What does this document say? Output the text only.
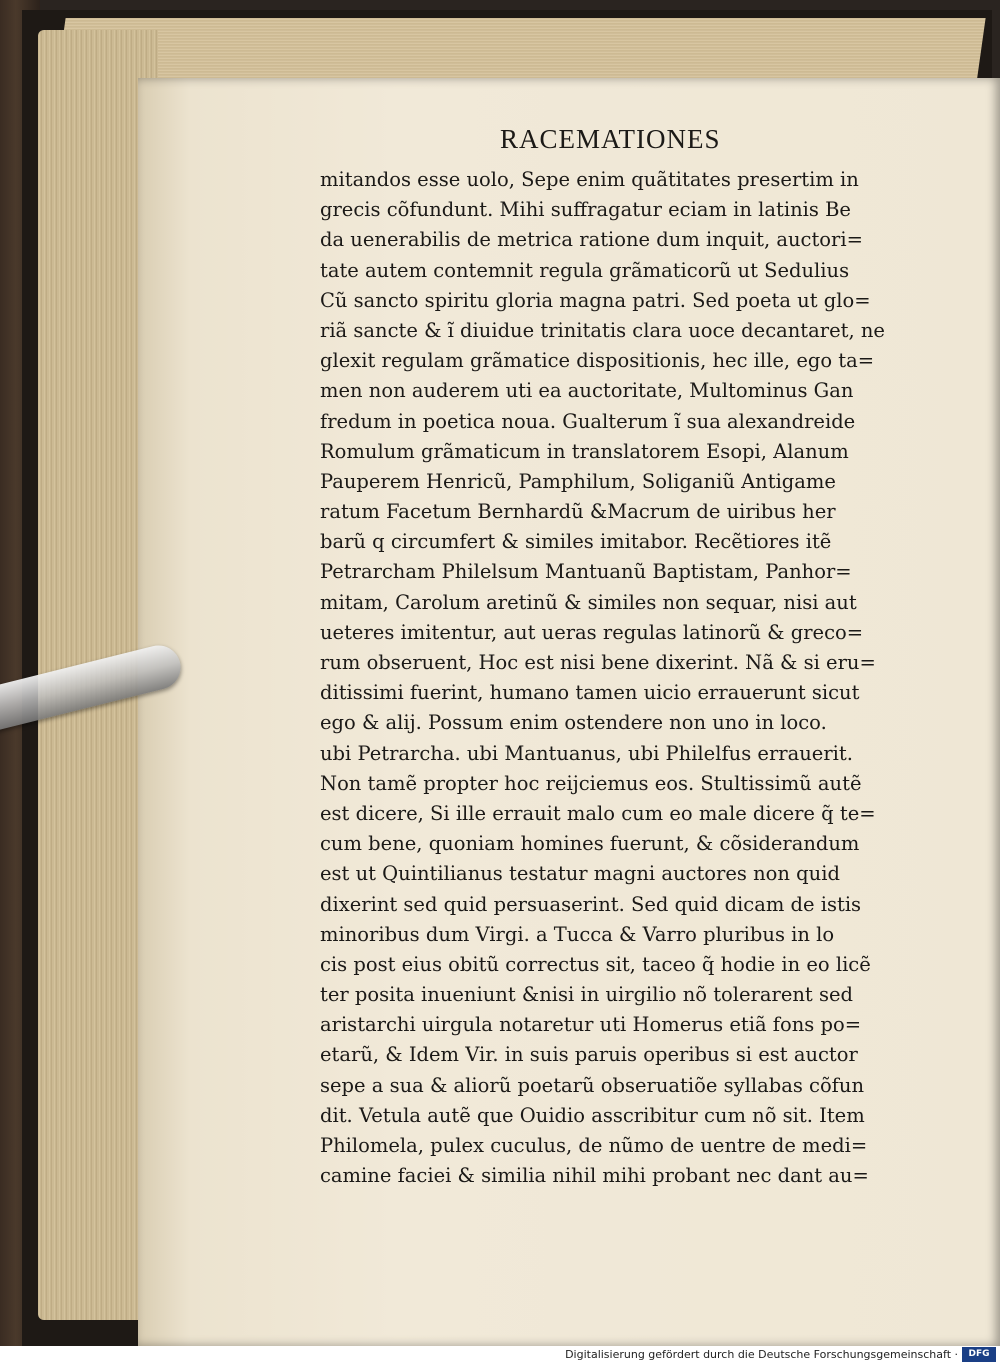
RACEMATIONES
mitandos esse uolo, Sepe enim quãtitates presertim in
grecis cõfundunt. Mihi suffragatur eciam in latinis Be
da uenerabilis de metrica ratione dum inquit, auctori=
tate autem contemnit regula grãmaticorũ ut Sedulius
Cũ sancto spiritu gloria magna patri. Sed poeta ut glo=
riã sancte & ĩ diuidue trinitatis clara uoce decantaret, ne
glexit regulam grãmatice dispositionis, hec ille, ego ta=
men non auderem uti ea auctoritate, Multominus Gan
fredum in poetica noua. Gualterum ĩ sua alexandreide
Romulum grãmaticum in translatorem Esopi, Alanum
Pauperem Henricũ, Pamphilum, Soliganiũ Antigame
ratum Facetum Bernhardũ &Macrum de uiribus her
barũ q circumfert & similes imitabor. Recẽtiores itẽ
Petrarcham Philelsum Mantuanũ Baptistam, Panhor=
mitam, Carolum aretinũ & similes non sequar, nisi aut
ueteres imitentur, aut ueras regulas latinorũ & greco=
rum obseruent, Hoc est nisi bene dixerint. Nã & si eru=
ditissimi fuerint, humano tamen uicio errauerunt sicut
ego & alij. Possum enim ostendere non uno in loco.
ubi Petrarcha. ubi Mantuanus, ubi Philelfus errauerit.
Non tamẽ propter hoc reijciemus eos. Stultissimũ autẽ
est dicere, Si ille errauit malo cum eo male dicere q̃ te=
cum bene, quoniam homines fuerunt, & cõsiderandum
est ut Quintilianus testatur magni auctores non quid
dixerint sed quid persuaserint. Sed quid dicam de istis
minoribus dum Virgi. a Tucca & Varro pluribus in lo
cis post eius obitũ correctus sit, taceo q̃ hodie in eo licẽ
ter posita inueniunt &nisi in uirgilio nõ tolerarent sed
aristarchi uirgula notaretur uti Homerus etiã fons po=
etarũ, & Idem Vir. in suis paruis operibus si est auctor
sepe a sua & aliorũ poetarũ obseruatiõe syllabas cõfun
dit. Vetula autẽ que Ouidio asscribitur cum nõ sit. Item
Philomela, pulex cuculus, de nũmo de uentre de medi=
camine faciei & similia nihil mihi probant nec dant au=
Digitalisierung gefördert durch die Deutsche Forschungsgemeinschaft ·	DFG
